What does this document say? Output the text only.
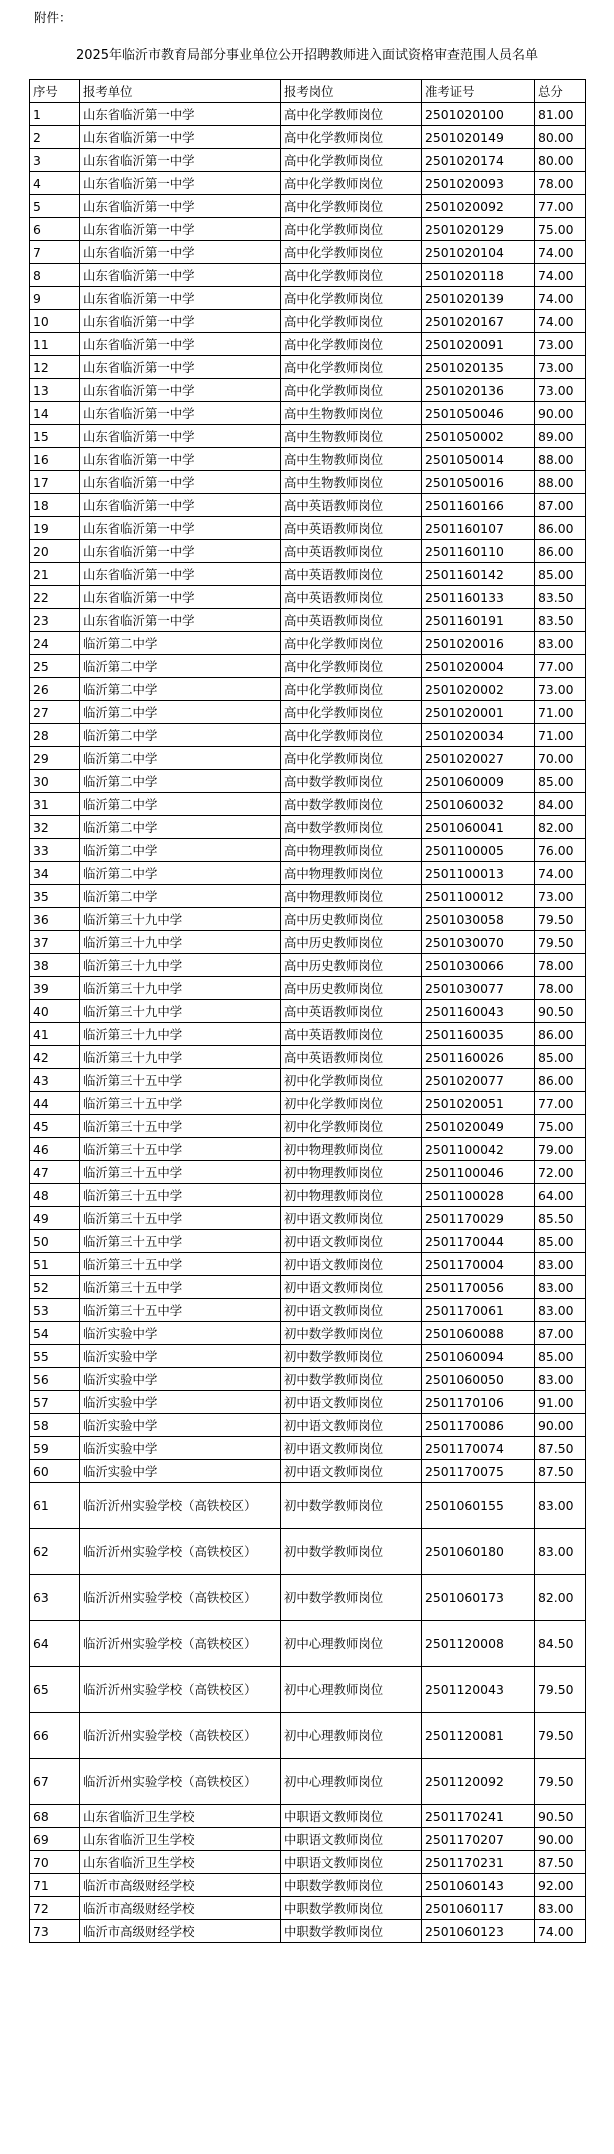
附件：
2025年临沂市教育局部分事业单位公开招聘教师进入面试资格审查范围人员名单
序号	报考单位	报考岗位	准考证号	总分
1	山东省临沂第一中学	高中化学教师岗位	2501020100	81.00
2	山东省临沂第一中学	高中化学教师岗位	2501020149	80.00
3	山东省临沂第一中学	高中化学教师岗位	2501020174	80.00
4	山东省临沂第一中学	高中化学教师岗位	2501020093	78.00
5	山东省临沂第一中学	高中化学教师岗位	2501020092	77.00
6	山东省临沂第一中学	高中化学教师岗位	2501020129	75.00
7	山东省临沂第一中学	高中化学教师岗位	2501020104	74.00
8	山东省临沂第一中学	高中化学教师岗位	2501020118	74.00
9	山东省临沂第一中学	高中化学教师岗位	2501020139	74.00
10	山东省临沂第一中学	高中化学教师岗位	2501020167	74.00
11	山东省临沂第一中学	高中化学教师岗位	2501020091	73.00
12	山东省临沂第一中学	高中化学教师岗位	2501020135	73.00
13	山东省临沂第一中学	高中化学教师岗位	2501020136	73.00
14	山东省临沂第一中学	高中生物教师岗位	2501050046	90.00
15	山东省临沂第一中学	高中生物教师岗位	2501050002	89.00
16	山东省临沂第一中学	高中生物教师岗位	2501050014	88.00
17	山东省临沂第一中学	高中生物教师岗位	2501050016	88.00
18	山东省临沂第一中学	高中英语教师岗位	2501160166	87.00
19	山东省临沂第一中学	高中英语教师岗位	2501160107	86.00
20	山东省临沂第一中学	高中英语教师岗位	2501160110	86.00
21	山东省临沂第一中学	高中英语教师岗位	2501160142	85.00
22	山东省临沂第一中学	高中英语教师岗位	2501160133	83.50
23	山东省临沂第一中学	高中英语教师岗位	2501160191	83.50
24	临沂第二中学	高中化学教师岗位	2501020016	83.00
25	临沂第二中学	高中化学教师岗位	2501020004	77.00
26	临沂第二中学	高中化学教师岗位	2501020002	73.00
27	临沂第二中学	高中化学教师岗位	2501020001	71.00
28	临沂第二中学	高中化学教师岗位	2501020034	71.00
29	临沂第二中学	高中化学教师岗位	2501020027	70.00
30	临沂第二中学	高中数学教师岗位	2501060009	85.00
31	临沂第二中学	高中数学教师岗位	2501060032	84.00
32	临沂第二中学	高中数学教师岗位	2501060041	82.00
33	临沂第二中学	高中物理教师岗位	2501100005	76.00
34	临沂第二中学	高中物理教师岗位	2501100013	74.00
35	临沂第二中学	高中物理教师岗位	2501100012	73.00
36	临沂第三十九中学	高中历史教师岗位	2501030058	79.50
37	临沂第三十九中学	高中历史教师岗位	2501030070	79.50
38	临沂第三十九中学	高中历史教师岗位	2501030066	78.00
39	临沂第三十九中学	高中历史教师岗位	2501030077	78.00
40	临沂第三十九中学	高中英语教师岗位	2501160043	90.50
41	临沂第三十九中学	高中英语教师岗位	2501160035	86.00
42	临沂第三十九中学	高中英语教师岗位	2501160026	85.00
43	临沂第三十五中学	初中化学教师岗位	2501020077	86.00
44	临沂第三十五中学	初中化学教师岗位	2501020051	77.00
45	临沂第三十五中学	初中化学教师岗位	2501020049	75.00
46	临沂第三十五中学	初中物理教师岗位	2501100042	79.00
47	临沂第三十五中学	初中物理教师岗位	2501100046	72.00
48	临沂第三十五中学	初中物理教师岗位	2501100028	64.00
49	临沂第三十五中学	初中语文教师岗位	2501170029	85.50
50	临沂第三十五中学	初中语文教师岗位	2501170044	85.00
51	临沂第三十五中学	初中语文教师岗位	2501170004	83.00
52	临沂第三十五中学	初中语文教师岗位	2501170056	83.00
53	临沂第三十五中学	初中语文教师岗位	2501170061	83.00
54	临沂实验中学	初中数学教师岗位	2501060088	87.00
55	临沂实验中学	初中数学教师岗位	2501060094	85.00
56	临沂实验中学	初中数学教师岗位	2501060050	83.00
57	临沂实验中学	初中语文教师岗位	2501170106	91.00
58	临沂实验中学	初中语文教师岗位	2501170086	90.00
59	临沂实验中学	初中语文教师岗位	2501170074	87.50
60	临沂实验中学	初中语文教师岗位	2501170075	87.50
61	临沂沂州实验学校（高铁校区）	初中数学教师岗位	2501060155	83.00
62	临沂沂州实验学校（高铁校区）	初中数学教师岗位	2501060180	83.00
63	临沂沂州实验学校（高铁校区）	初中数学教师岗位	2501060173	82.00
64	临沂沂州实验学校（高铁校区）	初中心理教师岗位	2501120008	84.50
65	临沂沂州实验学校（高铁校区）	初中心理教师岗位	2501120043	79.50
66	临沂沂州实验学校（高铁校区）	初中心理教师岗位	2501120081	79.50
67	临沂沂州实验学校（高铁校区）	初中心理教师岗位	2501120092	79.50
68	山东省临沂卫生学校	中职语文教师岗位	2501170241	90.50
69	山东省临沂卫生学校	中职语文教师岗位	2501170207	90.00
70	山东省临沂卫生学校	中职语文教师岗位	2501170231	87.50
71	临沂市高级财经学校	中职数学教师岗位	2501060143	92.00
72	临沂市高级财经学校	中职数学教师岗位	2501060117	83.00
73	临沂市高级财经学校	中职数学教师岗位	2501060123	74.00
